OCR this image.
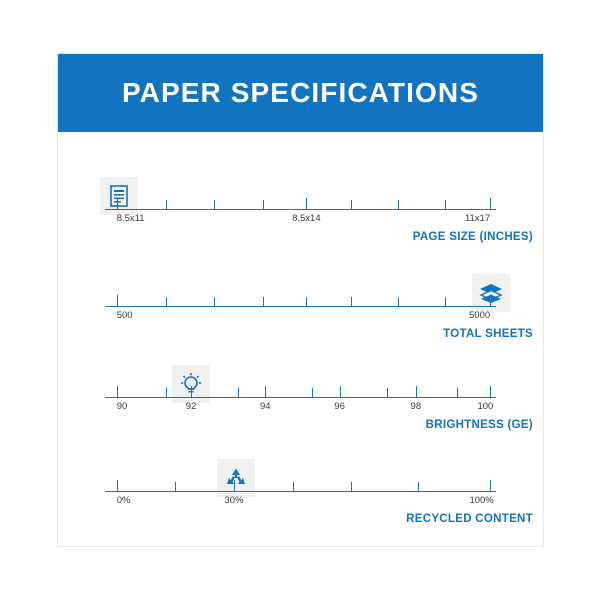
PAPER SPECIFICATIONS
8.5x11	8.5x14	11x17
PAGE SIZE (INCHES)
500	5000
TOTAL SHEETS
90	92	94	96	98	100
BRIGHTNESS (GE)
0%	30%	100%
RECYCLED CONTENT
